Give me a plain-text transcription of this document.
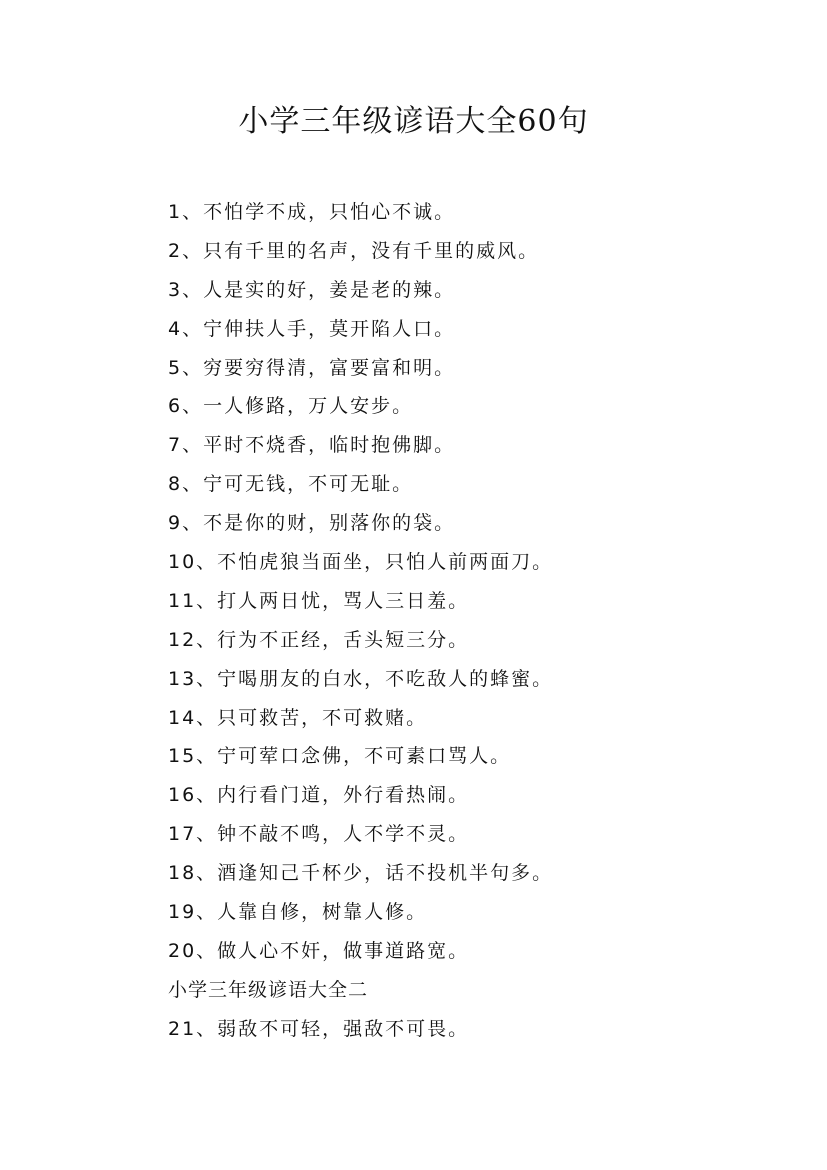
小学三年级谚语大全60句
1、不怕学不成，只怕心不诚。
2、只有千里的名声，没有千里的威风。
3、人是实的好，姜是老的辣。
4、宁伸扶人手，莫开陷人口。
5、穷要穷得清，富要富和明。
6、一人修路，万人安步。
7、平时不烧香，临时抱佛脚。
8、宁可无钱，不可无耻。
9、不是你的财，别落你的袋。
10、不怕虎狼当面坐，只怕人前两面刀。
11、打人两日忧，骂人三日羞。
12、行为不正经，舌头短三分。
13、宁喝朋友的白水，不吃敌人的蜂蜜。
14、只可救苦，不可救赌。
15、宁可荤口念佛，不可素口骂人。
16、内行看门道，外行看热闹。
17、钟不敲不鸣，人不学不灵。
18、酒逢知己千杯少，话不投机半句多。
19、人靠自修，树靠人修。
20、做人心不奸，做事道路宽。
小学三年级谚语大全二
21、弱敌不可轻，强敌不可畏。
